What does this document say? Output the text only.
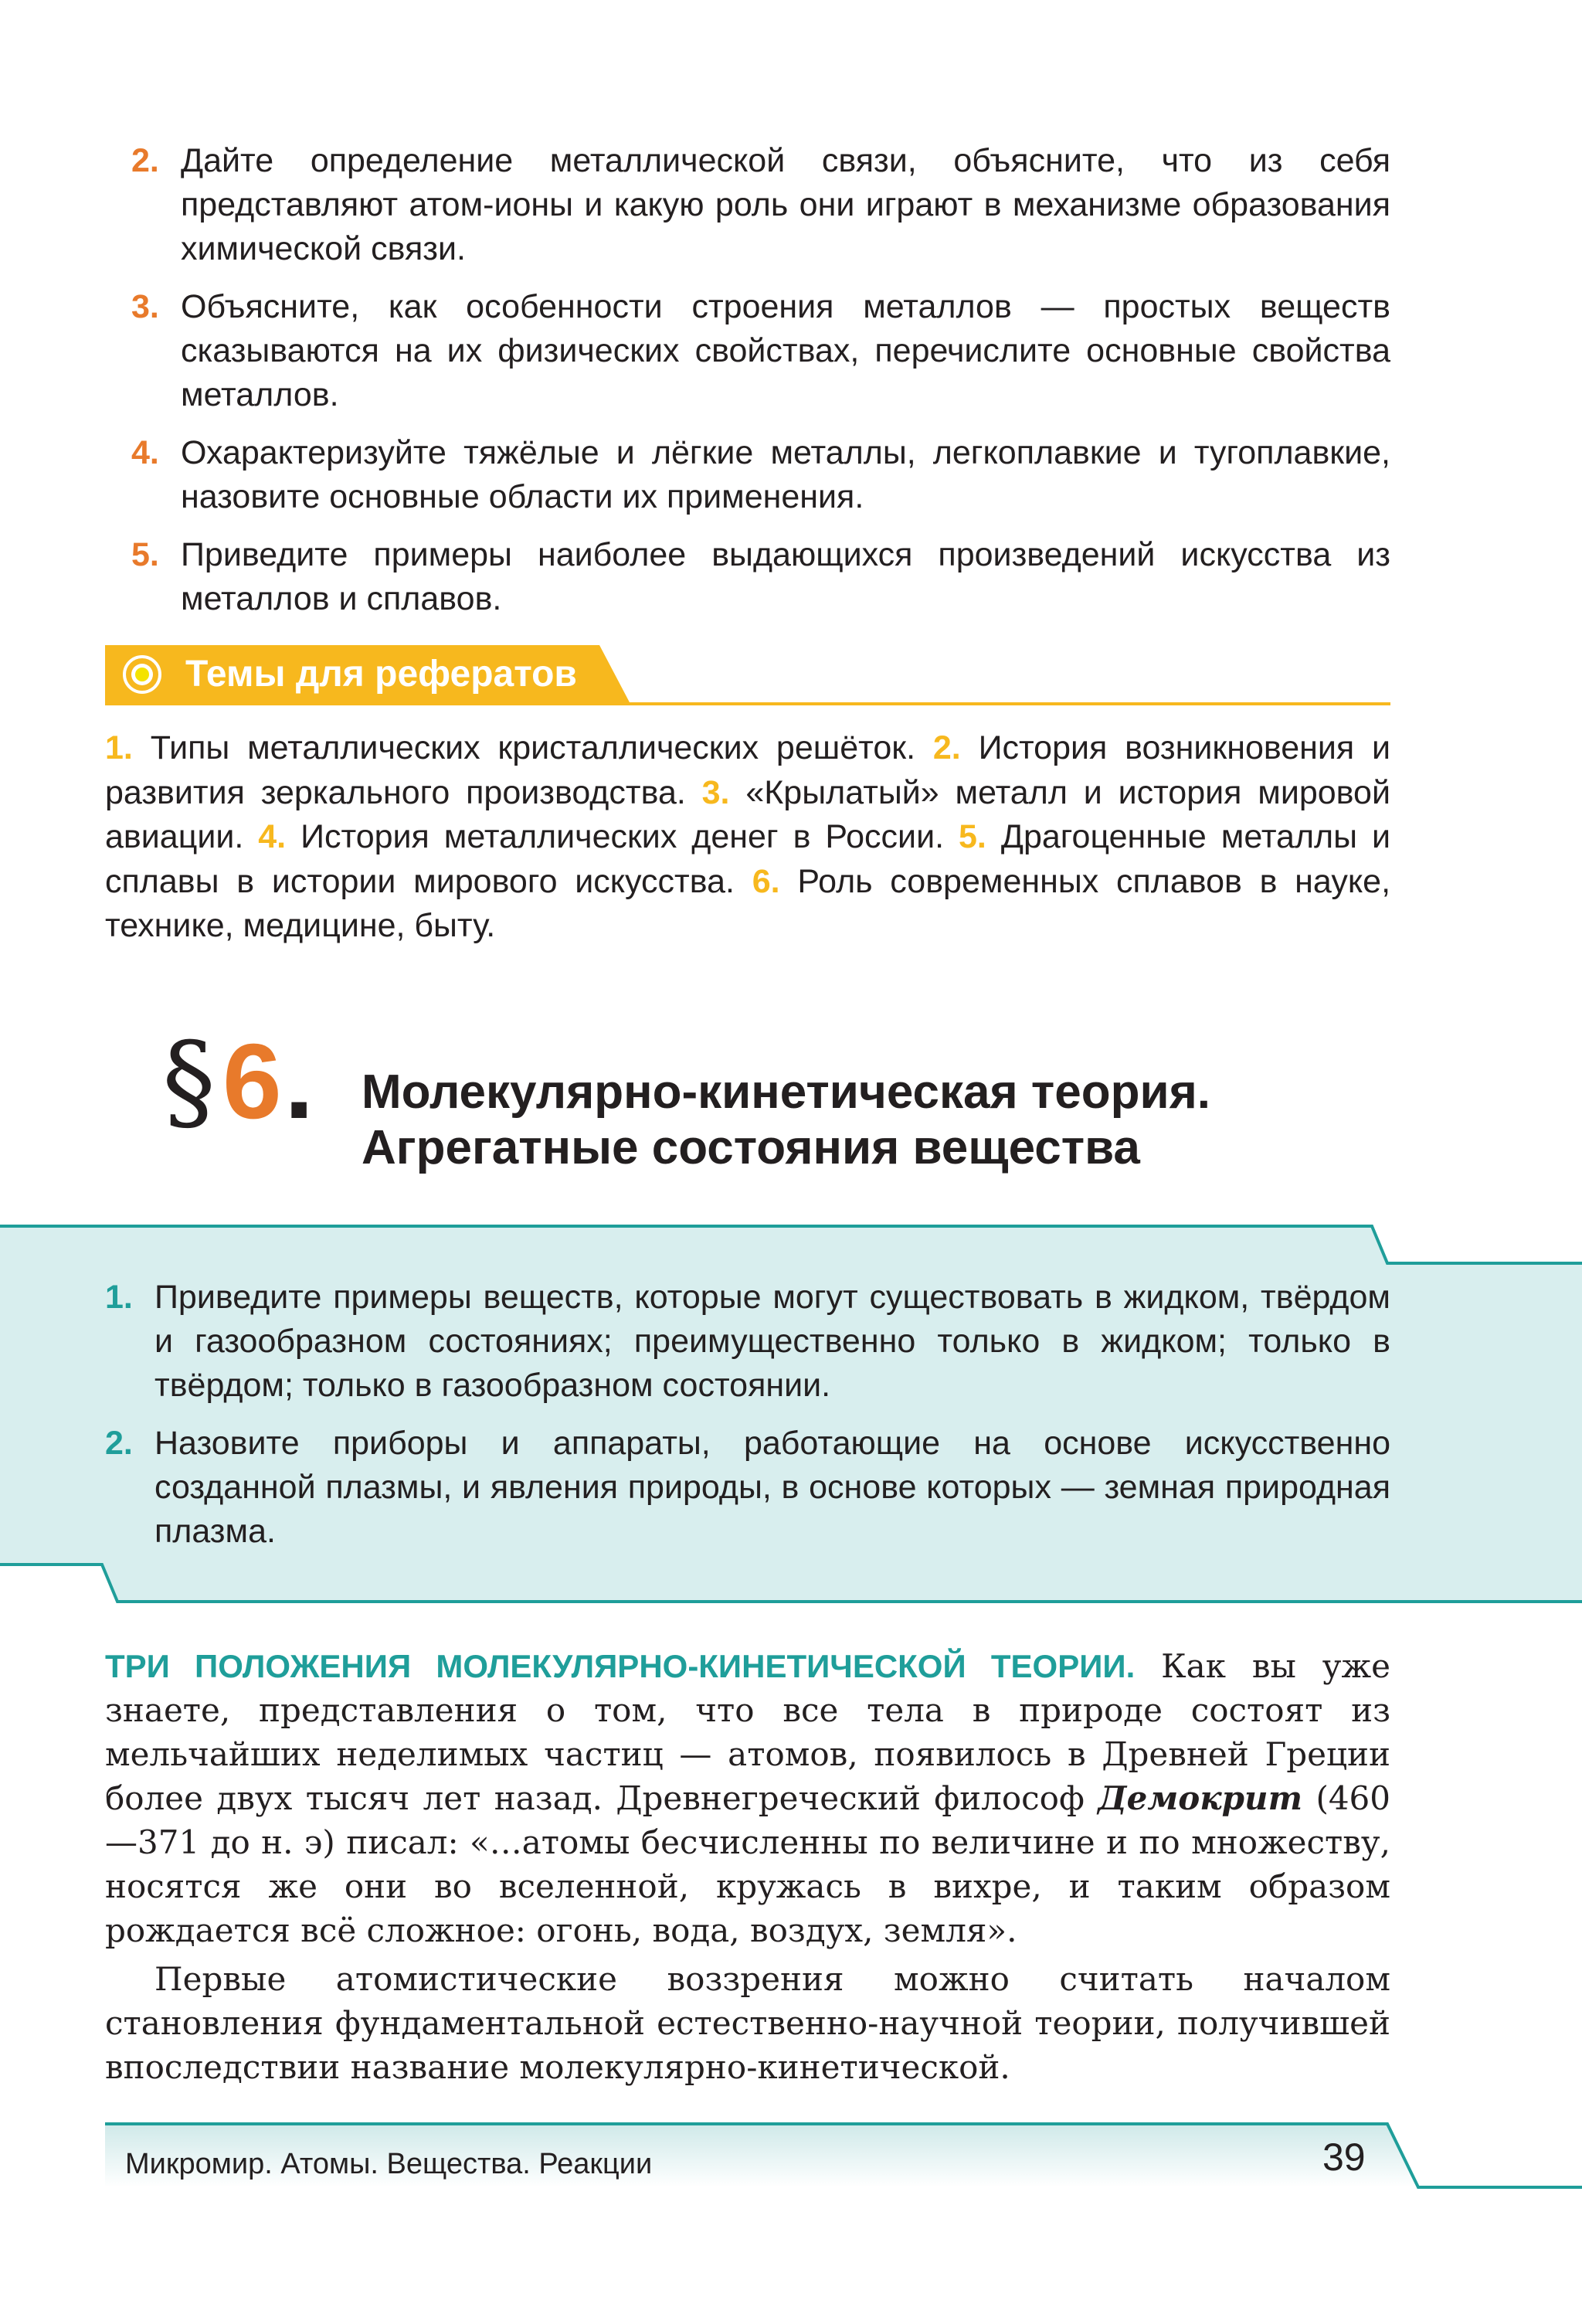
2. Дайте определение металлической связи, объясните, что из себя представляют атом-ионы и какую роль они играют в механизме образования химической связи.
3. Объясните, как особенности строения металлов — простых веществ сказываются на их физических свойствах, перечислите основные свойства металлов.
4. Охарактеризуйте тяжёлые и лёгкие металлы, легкоплавкие и тугоплавкие, назовите основные области их применения.
5. Приведите примеры наиболее выдающихся произведений искусства из металлов и сплавов.
Темы для рефератов
1. Типы металлических кристаллических решёток. 2. История возникновения и развития зеркального производства. 3. «Крылатый» металл и история мировой авиации. 4. История металлических денег в России. 5. Драгоценные металлы и сплавы в истории мирового искусства. 6. Роль современных сплавов в науке, технике, медицине, быту.
§ 6 . Молекулярно-кинетическая теория.
Агрегатные состояния вещества
1. Приведите примеры веществ, которые могут существовать в жидком, твёрдом и газообразном состояниях; преимущественно только в жидком; только в твёрдом; только в газообразном состоянии.
2. Назовите приборы и аппараты, работающие на основе искусственно созданной плазмы, и явления природы, в основе которых — земная природная плазма.

ТРИ ПОЛОЖЕНИЯ МОЛЕКУЛЯРНО-КИНЕТИЧЕСКОЙ ТЕОРИИ. Как вы уже знаете, представления о том, что все тела в природе состоят из мельчайших неделимых частиц — атомов, появилось в Древней Греции более двух тысяч лет назад. Древнегреческий философ Демокрит (460—371 до н. э) писал: «…атомы бесчисленны по величине и по множеству, носятся же они во вселенной, кружась в вихре, и таким образом рождается всё сложное: огонь, вода, воздух, земля».

Первые атомистические воззрения можно считать началом становления фундаментальной естественно-научной теории, получившей впоследствии название молекулярно-кинетической.

Микромир. Атомы. Вещества. Реакции	39
